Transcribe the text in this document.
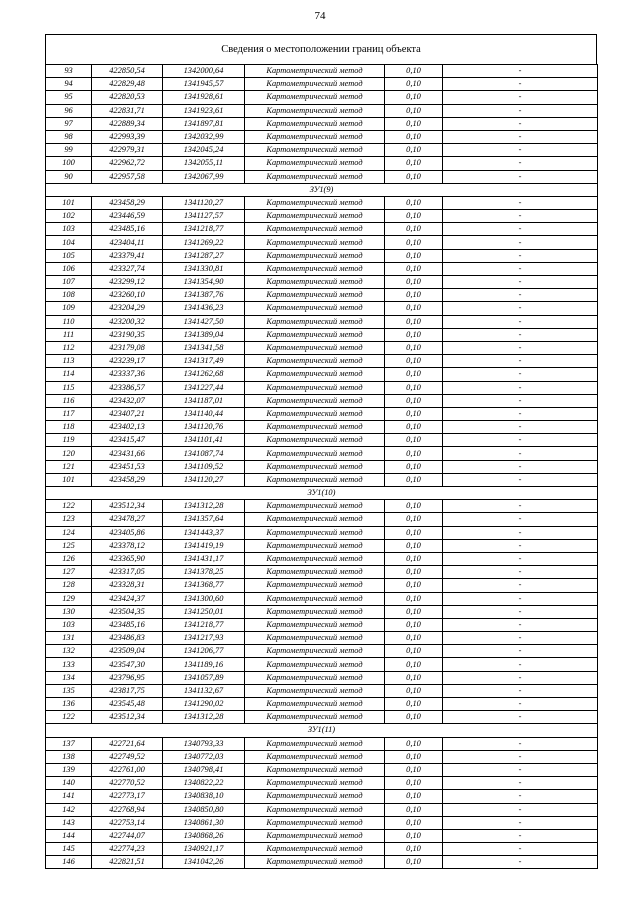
74
Сведения о местоположении границ объекта
93	422850,54	1342000,64	Картометрический метод	0,10	-
94	422829,48	1341945,57	Картометрический метод	0,10	-
95	422820,53	1341928,61	Картометрический метод	0,10	-
96	422831,71	1341923,61	Картометрический метод	0,10	-
97	422889,34	1341897,81	Картометрический метод	0,10	-
98	422993,39	1342032,99	Картометрический метод	0,10	-
99	422979,31	1342045,24	Картометрический метод	0,10	-
100	422962,72	1342055,11	Картометрический метод	0,10	-
90	422957,58	1342067,99	Картометрический метод	0,10	-
ЗУ1(9)					
101	423458,29	1341120,27	Картометрический метод	0,10	-
102	423446,59	1341127,57	Картометрический метод	0,10	-
103	423485,16	1341218,77	Картометрический метод	0,10	-
104	423404,11	1341269,22	Картометрический метод	0,10	-
105	423379,41	1341287,27	Картометрический метод	0,10	-
106	423327,74	1341330,81	Картометрический метод	0,10	-
107	423299,12	1341354,90	Картометрический метод	0,10	-
108	423260,10	1341387,76	Картометрический метод	0,10	-
109	423204,29	1341436,23	Картометрический метод	0,10	-
110	423200,32	1341427,50	Картометрический метод	0,10	-
111	423190,35	1341389,04	Картометрический метод	0,10	-
112	423179,08	1341341,58	Картометрический метод	0,10	-
113	423239,17	1341317,49	Картометрический метод	0,10	-
114	423337,36	1341262,68	Картометрический метод	0,10	-
115	423386,57	1341227,44	Картометрический метод	0,10	-
116	423432,07	1341187,01	Картометрический метод	0,10	-
117	423407,21	1341140,44	Картометрический метод	0,10	-
118	423402,13	1341120,76	Картометрический метод	0,10	-
119	423415,47	1341101,41	Картометрический метод	0,10	-
120	423431,66	1341087,74	Картометрический метод	0,10	-
121	423451,53	1341109,52	Картометрический метод	0,10	-
101	423458,29	1341120,27	Картометрический метод	0,10	-
ЗУ1(10)					
122	423512,34	1341312,28	Картометрический метод	0,10	-
123	423478,27	1341357,64	Картометрический метод	0,10	-
124	423405,86	1341443,37	Картометрический метод	0,10	-
125	423378,12	1341419,19	Картометрический метод	0,10	-
126	423365,90	1341431,17	Картометрический метод	0,10	-
127	423317,05	1341378,25	Картометрический метод	0,10	-
128	423328,31	1341368,77	Картометрический метод	0,10	-
129	423424,37	1341300,60	Картометрический метод	0,10	-
130	423504,35	1341250,01	Картометрический метод	0,10	-
103	423485,16	1341218,77	Картометрический метод	0,10	-
131	423486,83	1341217,93	Картометрический метод	0,10	-
132	423509,04	1341206,77	Картометрический метод	0,10	-
133	423547,30	1341189,16	Картометрический метод	0,10	-
134	423796,95	1341057,89	Картометрический метод	0,10	-
135	423817,75	1341132,67	Картометрический метод	0,10	-
136	423545,48	1341290,02	Картометрический метод	0,10	-
122	423512,34	1341312,28	Картометрический метод	0,10	-
ЗУ1(11)					
137	422721,64	1340793,33	Картометрический метод	0,10	-
138	422749,52	1340772,03	Картометрический метод	0,10	-
139	422761,00	1340798,41	Картометрический метод	0,10	-
140	422770,52	1340822,22	Картометрический метод	0,10	-
141	422773,17	1340838,10	Картометрический метод	0,10	-
142	422768,94	1340850,80	Картометрический метод	0,10	-
143	422753,14	1340861,30	Картометрический метод	0,10	-
144	422744,07	1340868,26	Картометрический метод	0,10	-
145	422774,23	1340921,17	Картометрический метод	0,10	-
146	422821,51	1341042,26	Картометрический метод	0,10	-
